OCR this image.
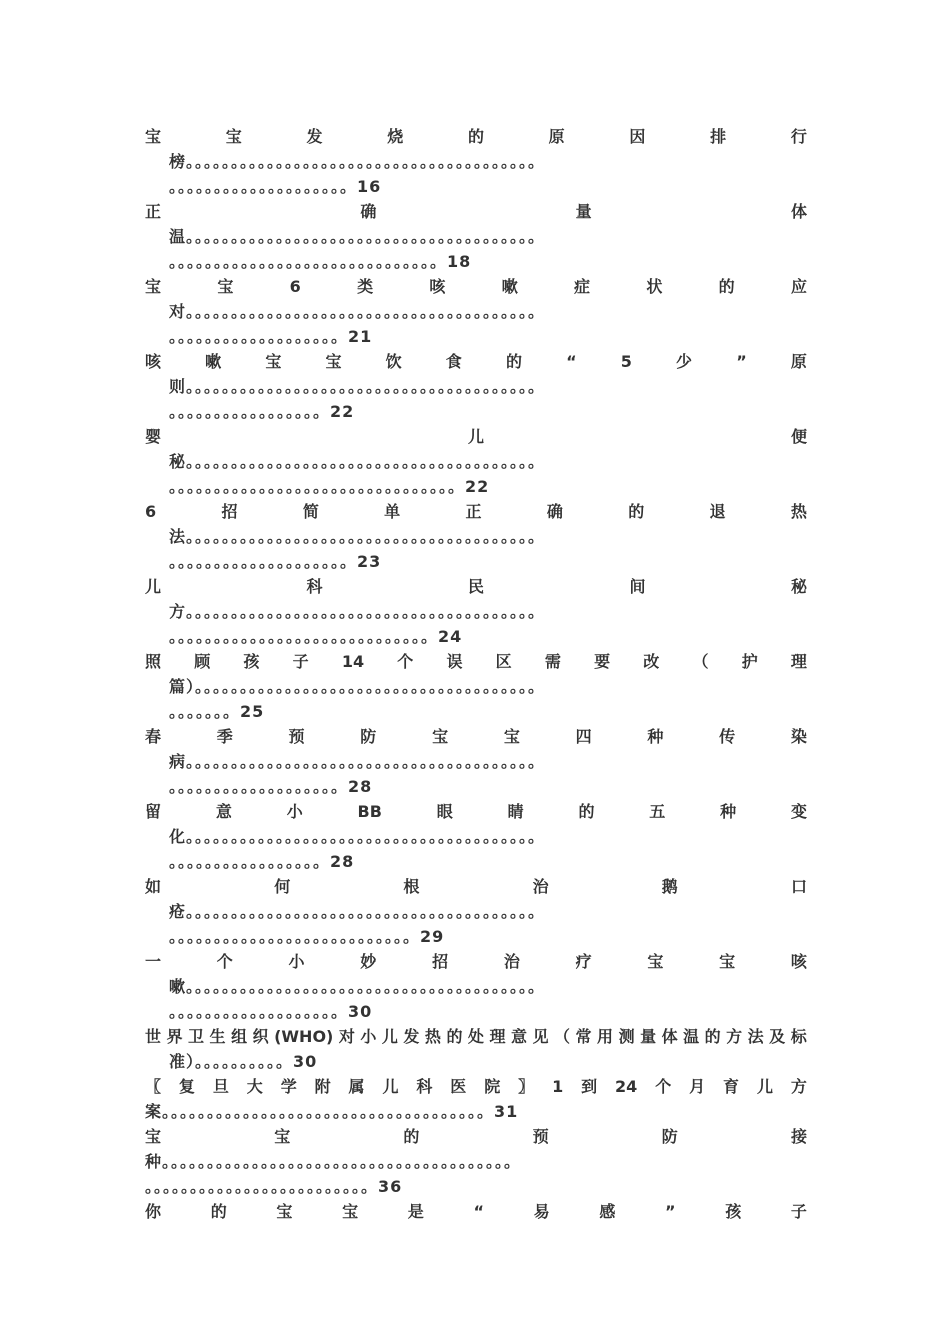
宝	宝	发	烧	的	原	因	排	行
榜。。。。。。。。。。。。。。。。。。。。。。。。。。。。。。。。。。。。。。。
。。。。。。。。。。。。。。。。。。。。16
正	确	量	体
温。。。。。。。。。。。。。。。。。。。。。。。。。。。。。。。。。。。。。。。
。。。。。。。。。。。。。。。。。。。。。。。。。。。。。。18
宝	宝	6	类	咳	嗽	症	状	的	应
对。。。。。。。。。。。。。。。。。。。。。。。。。。。。。。。。。。。。。。。
。。。。。。。。。。。。。。。。。。。21
咳	嗽	宝	宝	饮	食	的	“	5	少	”	原
则。。。。。。。。。。。。。。。。。。。。。。。。。。。。。。。。。。。。。。。
。。。。。。。。。。。。。。。。。22
婴	儿	便
秘。。。。。。。。。。。。。。。。。。。。。。。。。。。。。。。。。。。。。。。
。。。。。。。。。。。。。。。。。。。。。。。。。。。。。。。。22
6	招	简	单	正	确	的	退	热
法。。。。。。。。。。。。。。。。。。。。。。。。。。。。。。。。。。。。。。。
。。。。。。。。。。。。。。。。。。。。23
儿	科	民	间	秘
方。。。。。。。。。。。。。。。。。。。。。。。。。。。。。。。。。。。。。。。
。。。。。。。。。。。。。。。。。。。。。。。。。。。。。24
照 顾 孩 子 14 个 误 区 需 要 改 （ 护 理
篇）。。。。。。。。。。。。。。。。。。。。。。。。。。。。。。。。。。。。。。
。。。。。。。25
春	季	预	防	宝	宝	四	种	传	染
病。。。。。。。。。。。。。。。。。。。。。。。。。。。。。。。。。。。。。。。
。。。。。。。。。。。。。。。。。。。28
留	意	小	BB	眼	睛	的	五	种	变
化。。。。。。。。。。。。。。。。。。。。。。。。。。。。。。。。。。。。。。。
。。。。。。。。。。。。。。。。。28
如	何	根	治	鹅	口
疮。。。。。。。。。。。。。。。。。。。。。。。。。。。。。。。。。。。。。。。
。。。。。。。。。。。。。。。。。。。。。。。。。。。29
一	个	小	妙	招	治	疗	宝	宝	咳
嗽。。。。。。。。。。。。。。。。。。。。。。。。。。。。。。。。。。。。。。。
。。。。。。。。。。。。。。。。。。。30
世 界 卫 生 组 织 (WHO) 对 小 儿 发 热 的 处 理 意 见 （ 常 用 测 量 体 温 的 方 法 及 标
准）。。。。。。。。。。30
〖 复 旦 大 学 附 属 儿 科 医 院 〗 1 到 24 个 月 育 儿 方
案。。。。。。。。。。。。。。。。。。。。。。。。。。。。。。。。。。。。31
宝	宝	的	预	防	接
种。。。。。。。。。。。。。。。。。。。。。。。。。。。。。。。。。。。。。。。
。。。。。。。。。。。。。。。。。。。。。。。。。36
你	的	宝	宝	是	“	易	感	”	孩	子
